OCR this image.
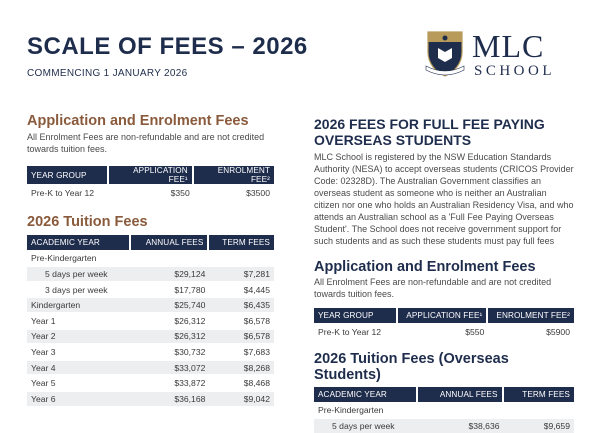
SCALE OF FEES – 2026
COMMENCING 1 JANUARY 2026
MLC
SCHOOL
Application and Enrolment Fees

All Enrolment Fees are non-refundable and are not credited towards tuition fees.

YEAR GROUP	APPLICATION FEE¹	ENROLMENT FEE²
Pre-K to Year 12	$350	$3500
2026 Tuition Fees
ACADEMIC YEAR	ANNUAL FEES	TERM FEES
Pre-Kindergarten		
5 days per week	$29,124	$7,281
3 days per week	$17,780	$4,445
Kindergarten	$25,740	$6,435
Year 1	$26,312	$6,578
Year 2	$26,312	$6,578
Year 3	$30,732	$7,683
Year 4	$33,072	$8,268
Year 5	$33,872	$8,468
Year 6	$36,168	$9,042
2026 FEES FOR FULL FEE PAYING OVERSEAS STUDENTS

MLC School is registered by the NSW Education Standards Authority (NESA) to accept overseas students (CRICOS Provider Code: 02328D). The Australian Government classifies an overseas student as someone who is neither an Australian citizen nor one who holds an Australian Residency Visa, and who attends an Australian school as a 'Full Fee Paying Overseas Student'. The School does not receive government support for such students and as such these students must pay full fees

Application and Enrolment Fees

All Enrolment Fees are non-refundable and are not credited towards tuition fees.

YEAR GROUP	APPLICATION FEE¹	ENROLMENT FEE²
Pre-K to Year 12	$550	$5900
2026 Tuition Fees (Overseas Students)
ACADEMIC YEAR	ANNUAL FEES	TERM FEES
Pre-Kindergarten		
5 days per week	$38,636	$9,659
